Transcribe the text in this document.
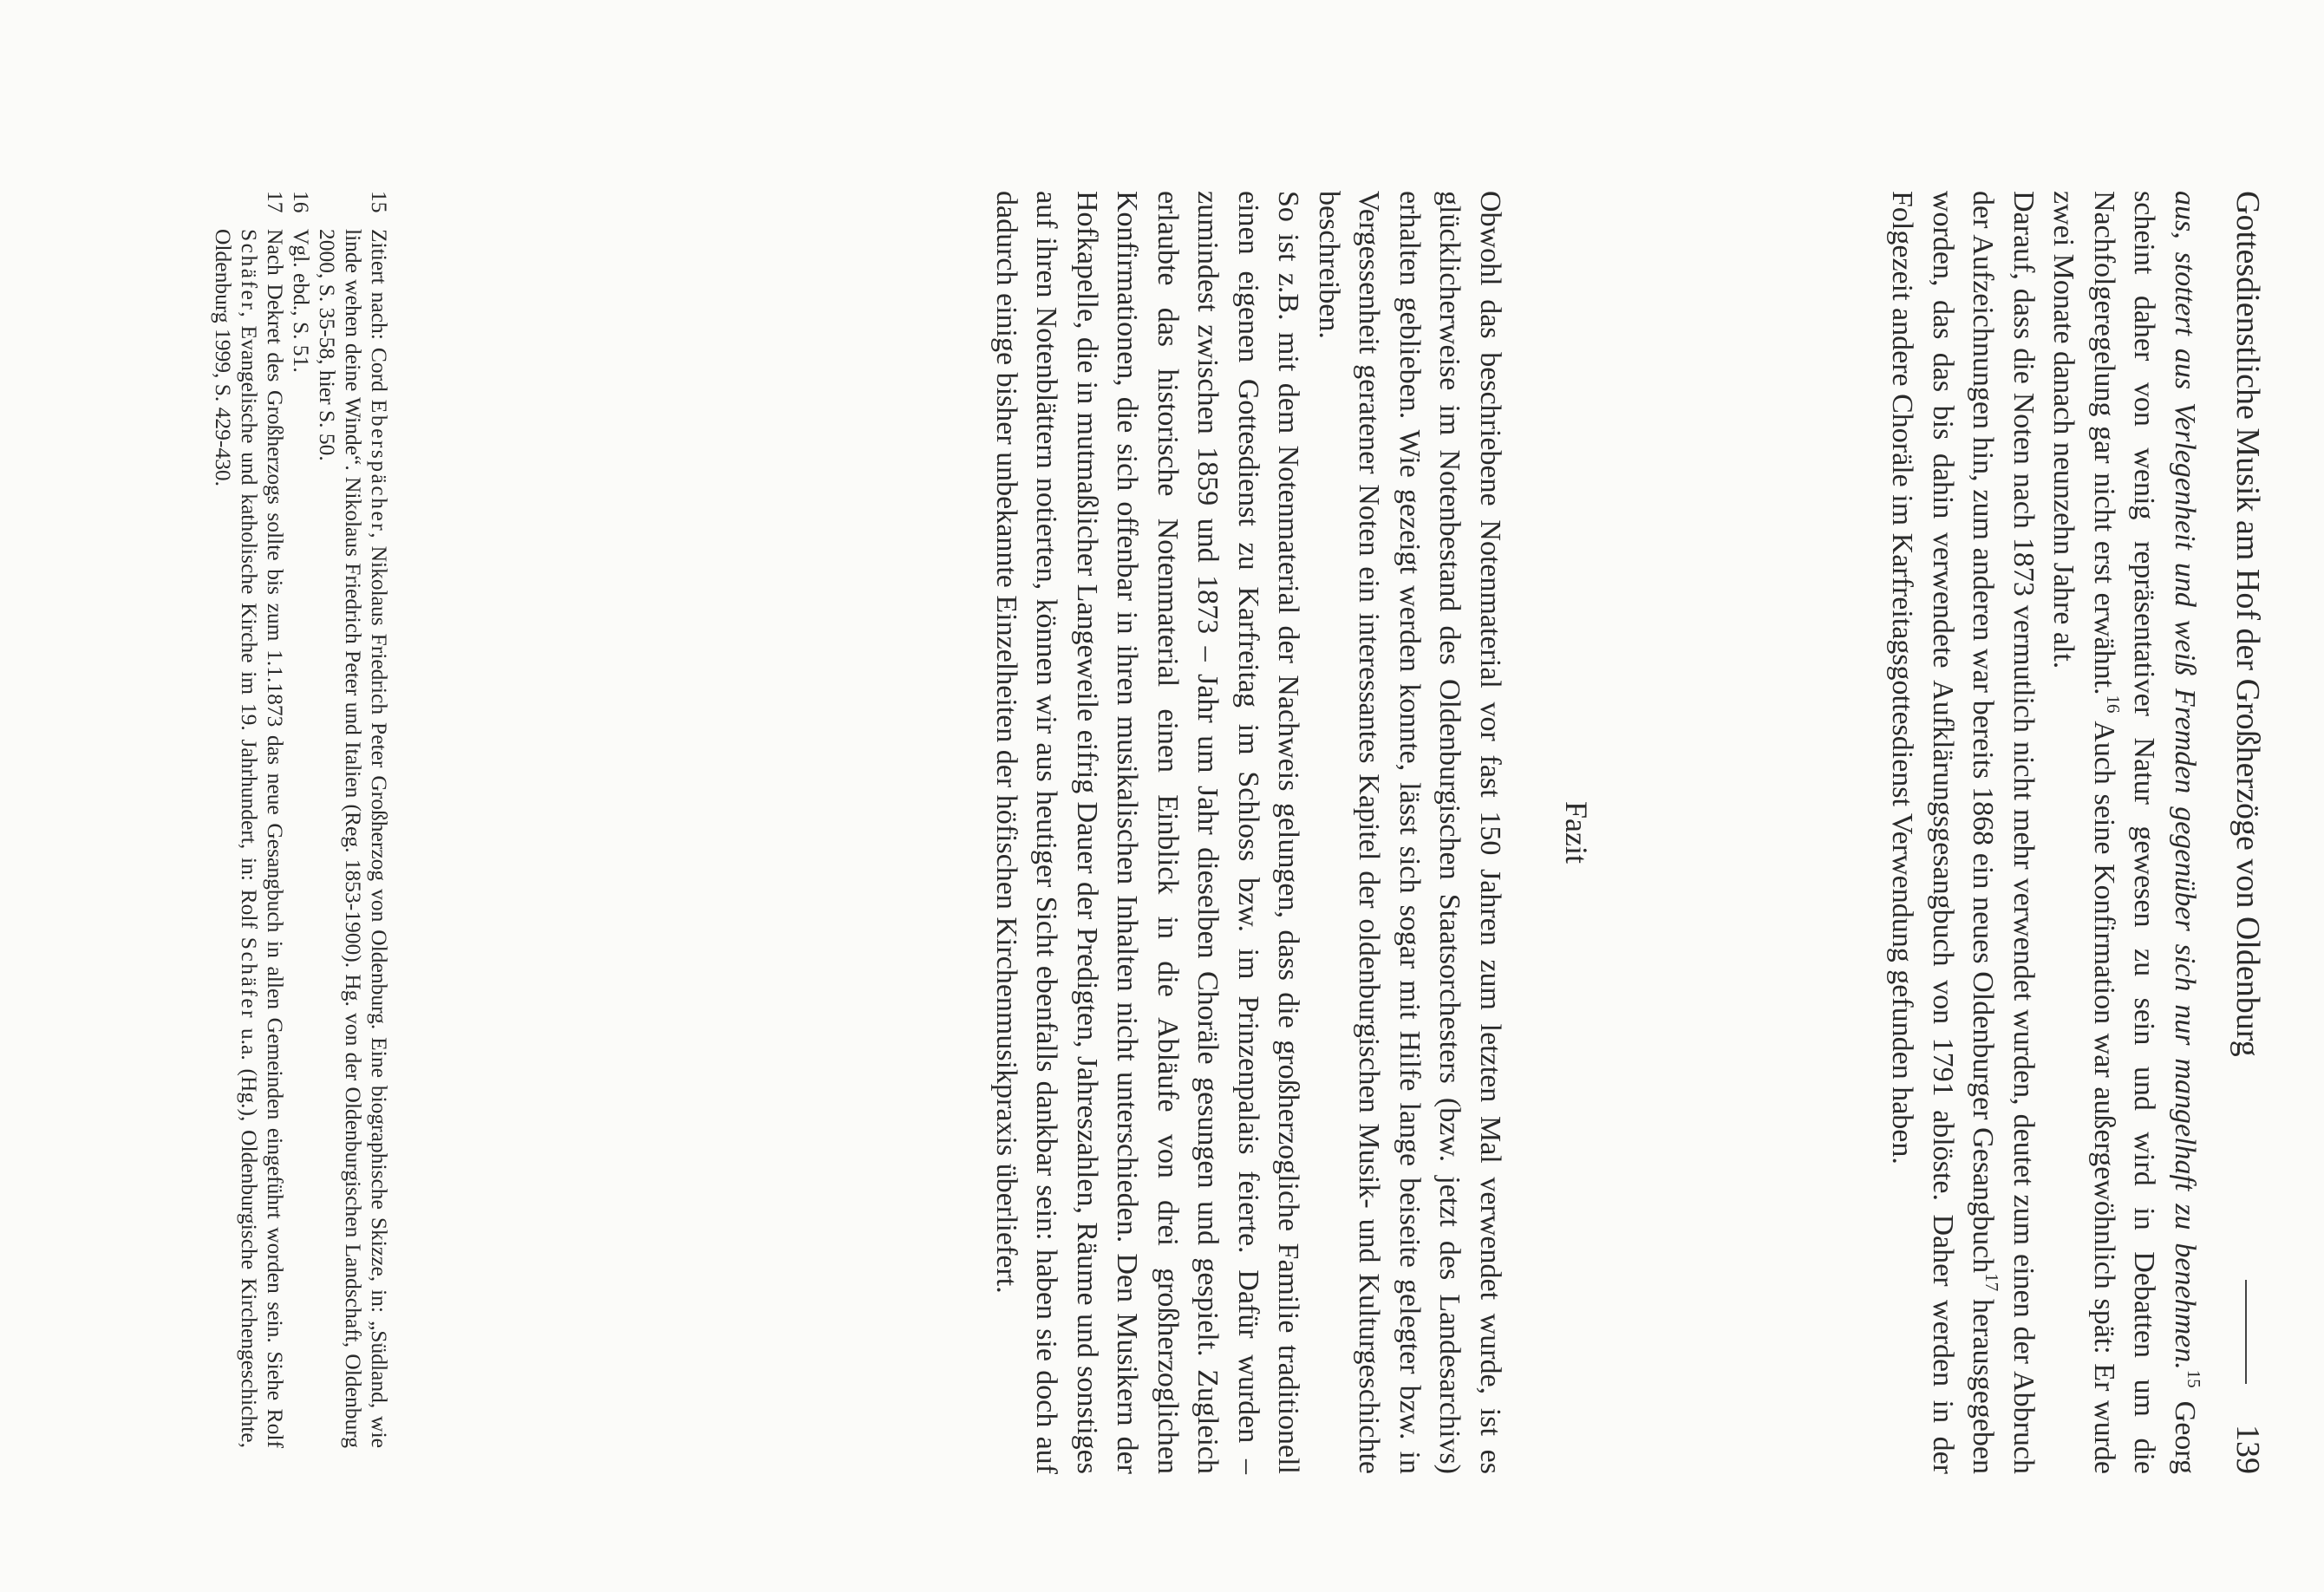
Gottesdienstliche Musik am Hof der Großherzöge von Oldenburg
139

aus, stottert aus Verlegenheit und weiß Fremden gegenüber sich nur mangelhaft zu benehmen.$^{15}$ Georg scheint daher von wenig repräsentativer Natur gewesen zu sein und wird in Debatten um die Nachfolgeregelung gar nicht erst erwähnt.$^{16}$ Auch seine Konfirmation war außergewöhnlich spät: Er wurde zwei Monate danach neunzehn Jahre alt.

Darauf, dass die Noten nach 1873 vermutlich nicht mehr verwendet wurden, deutet zum einen der Abbruch der Aufzeichnungen hin, zum anderen war bereits 1868 ein neues Oldenburger Gesangbuch$^{17}$ herausgegeben worden, das das bis dahin verwendete Aufklärungsgesangbuch von 1791 ablöste. Daher werden in der Folgezeit andere Choräle im Karfreitagsgottesdienst Verwendung gefunden haben.

Fazit

Obwohl das beschriebene Notenmaterial vor fast 150 Jahren zum letzten Mal verwendet wurde, ist es glücklicherweise im Notenbestand des Oldenburgischen Staatsorchesters (bzw. jetzt des Landesarchivs) erhalten geblieben. Wie gezeigt werden konnte, lässt sich sogar mit Hilfe lange beiseite gelegter bzw. in Vergessenheit geratener Noten ein interessantes Kapitel der oldenburgischen Musik- und Kulturgeschichte beschreiben.

So ist z.B. mit dem Notenmaterial der Nachweis gelungen, dass die großherzogliche Familie traditionell einen eigenen Gottesdienst zu Karfreitag im Schloss bzw. im Prinzenpalais feierte. Dafür wurden – zumindest zwischen 1859 und 1873 – Jahr um Jahr dieselben Choräle gesungen und gespielt. Zugleich erlaubte das historische Notenmaterial einen Einblick in die Abläufe von drei großherzoglichen Konfirmationen, die sich offenbar in ihren musikalischen Inhalten nicht unterschieden. Den Musikern der Hofkapelle, die in mutmaßlicher Langeweile eifrig Dauer der Predigten, Jahreszahlen, Räume und sonstiges auf ihren Notenblättern notierten, können wir aus heutiger Sicht ebenfalls dankbar sein: haben sie doch auf dadurch einige bisher unbekannte Einzelheiten der höfischen Kirchenmusikpraxis überliefert.

15
Zitiert nach: Cord Eberspächer, Nikolaus Friedrich Peter Großherzog von Oldenburg. Eine biographische Skizze, in: „Südland, wie linde wehen deine Winde“. Nikolaus Friedrich Peter und Italien (Reg. 1853-1900). Hg. von der Oldenburgischen Landschaft, Oldenburg 2000, S. 35-58, hier S. 50.
16
Vgl. ebd., S. 51.
17
Nach Dekret des Großherzogs sollte bis zum 1.1.1873 das neue Gesangbuch in allen Gemeinden eingeführt worden sein. Siehe Rolf Schäfer, Evangelische und katholische Kirche im 19. Jahrhundert, in: Rolf Schäfer u.a. (Hg.), Oldenburgische Kirchengeschichte, Oldenburg 1999, S. 429-430.
